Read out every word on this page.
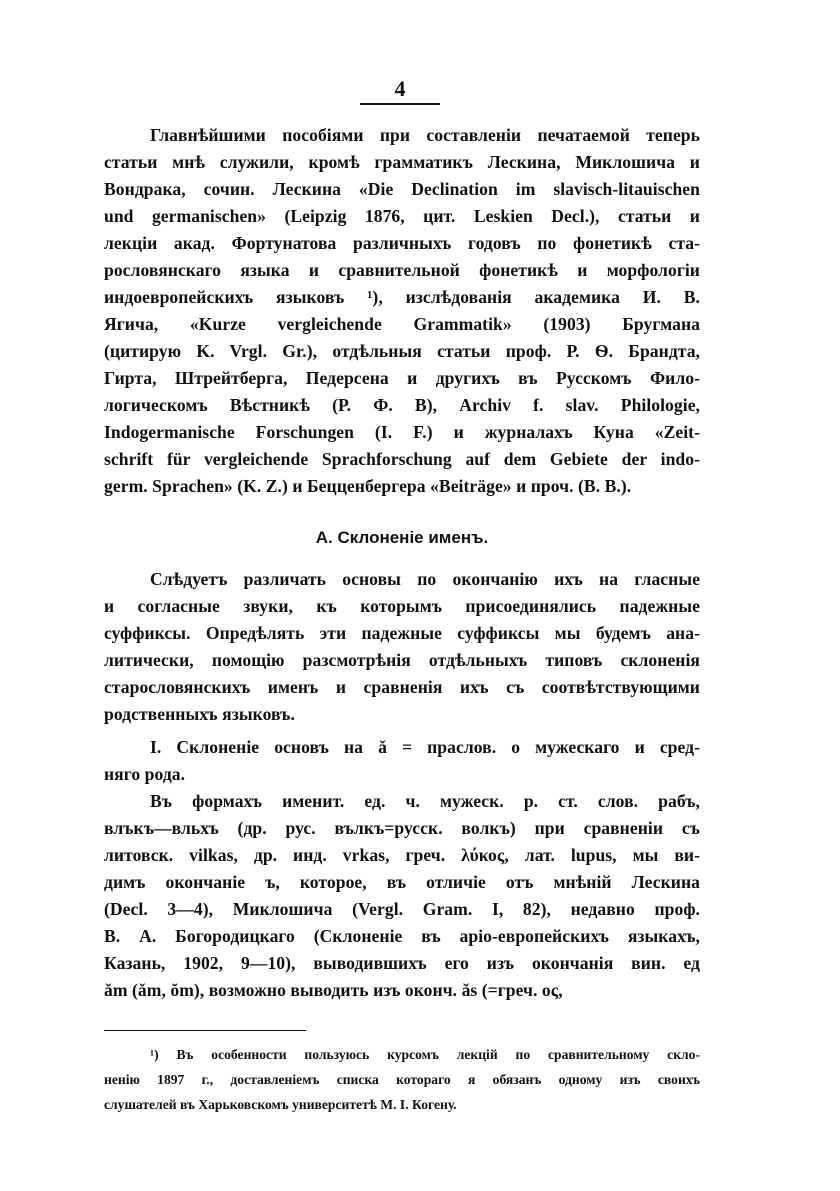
4
Главнѣйшими пособіями при составленіи печатаемой теперь
статьи мнѣ служили, кромѣ грамматикъ Лескина, Миклошича и
Вондрака, сочин. Лескина «Die Declination im slavisch-litauischen
und germanischen» (Leipzig 1876, цит. Leskien Decl.), статьи и
лекціи акад. Фортунатова различныхъ годовъ по фонетикѣ ста-
рословянскаго языка и сравнительной фонетикѣ и морфологіи
индоевропейскихъ языковъ ¹), изслѣдованія академика И. В.
Ягича, «Kurze vergleichende Grammatik» (1903) Бругмана
(цитирую K. Vrgl. Gr.), отдѣльныя статьи проф. Р. Ѳ. Брандта,
Гирта, Штрейтберга, Педерсена и другихъ въ Русскомъ Фило-
логическомъ Вѣстникѣ (Р. Ф. В), Archiv f. slav. Philologie,
Indogermanische Forschungen (I. F.) и журналахъ Куна «Zeit-
schrift für vergleichende Sprachforschung auf dem Gebiete der indo-
germ. Sprachen» (K. Z.) и Бецценбергера «Beiträge» и проч. (B. B.).
А. Склоненіе именъ.
Слѣдуетъ различать основы по окончанію ихъ на гласные
и согласные звуки, къ которымъ присоединялись падежные
суффиксы. Опредѣлять эти падежные суффиксы мы будемъ ана-
литически, помощію разсмотрѣнія отдѣльныхъ типовъ склоненія
старословянскихъ именъ и сравненія ихъ съ соотвѣтствующими
родственныхъ языковъ.
I. Склоненіе основъ на ǎ = праслов. o мужескаго и сред-
няго рода.
Въ формахъ именит. ед. ч. мужеск. р. ст. слов. рабъ,
влъкъ—вльхъ (др. рус. вълкъ=русск. волкъ) при сравненіи съ
литовск. vilkas, др. инд. vrkas, греч. λύκος, лат. lupus, мы ви-
димъ окончаніе ъ, которое, въ отличіе отъ мнѣній Лескина
(Decl. 3—4), Миклошича (Vergl. Gram. I, 82), недавно проф.
В. А. Богородицкаго (Склоненіе въ аріо-европейскихъ языкахъ,
Казань, 1902, 9—10), выводившихъ его изъ окончанія вин. ед
ǎm (ǎm, ŏm), возможно выводить изъ оконч. ǎs (=греч. ος,
¹) Въ особенности пользуюсь курсомъ лекцій по сравнительному скло-
ненію 1897 г., доставленіемъ списка котораго я обязанъ одному изъ своихъ
слушателей въ Харьковскомъ университетѣ М. I. Когену.
